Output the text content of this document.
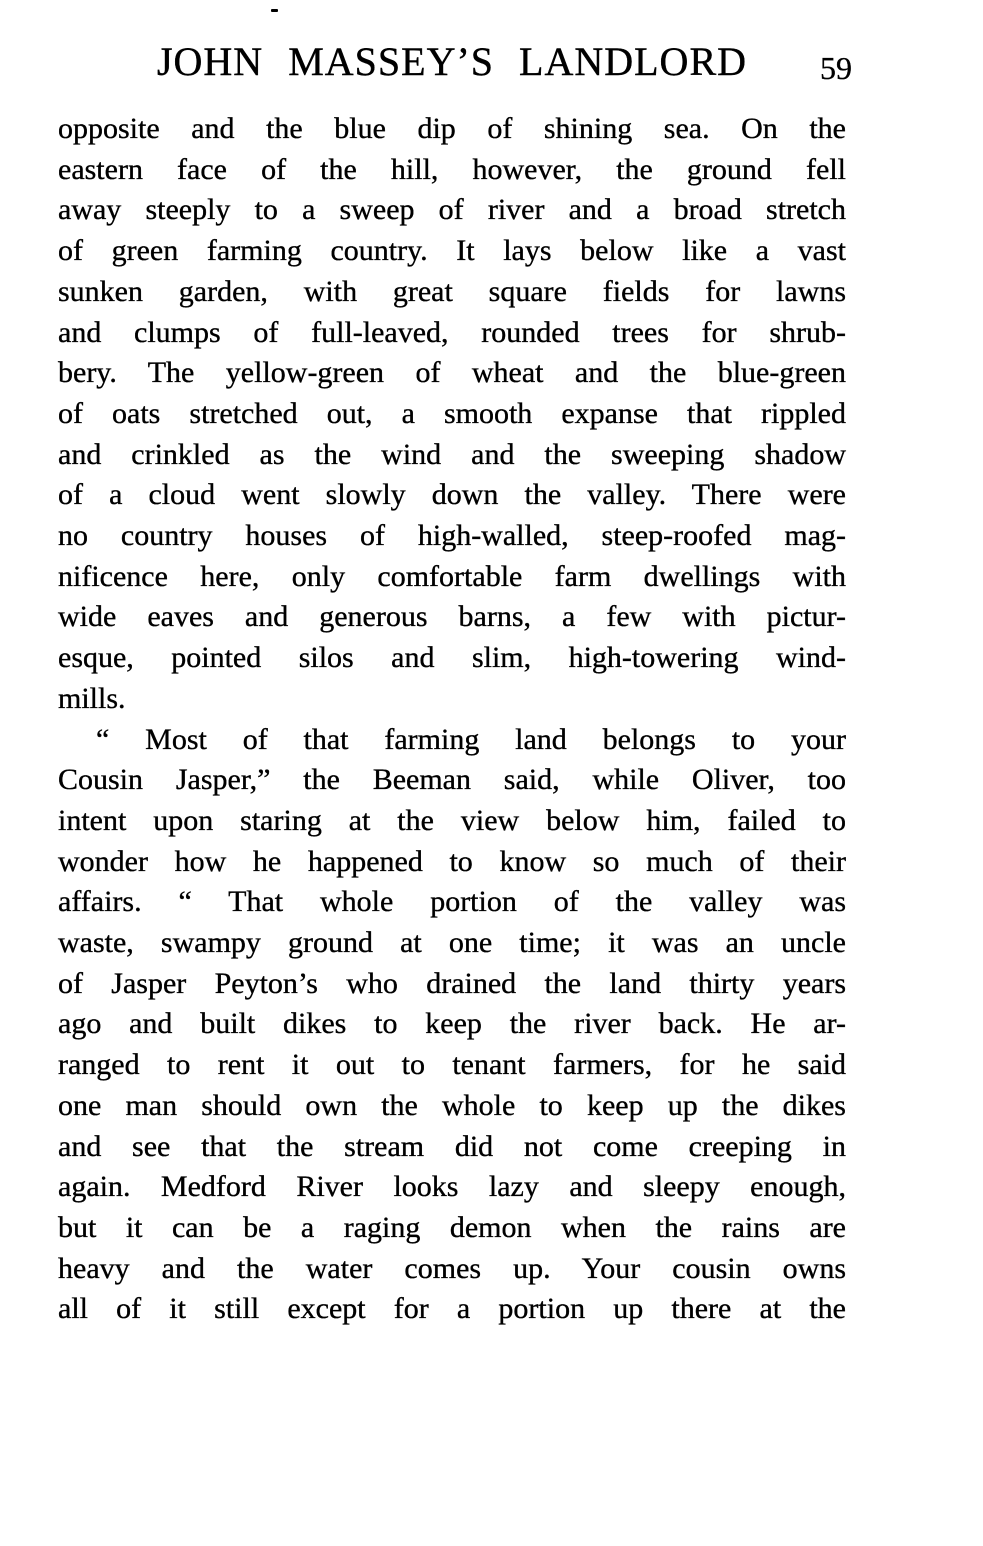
JOHN MASSEY’S LANDLORD 59
opposite and the blue dip of shining sea. On the
eastern face of the hill, however, the ground fell
away steeply to a sweep of river and a broad stretch
of green farming country. It lays below like a vast
sunken garden, with great square fields for lawns
and clumps of full-leaved, rounded trees for shrub-
bery. The yellow-green of wheat and the blue-green
of oats stretched out, a smooth expanse that rippled
and crinkled as the wind and the sweeping shadow
of a cloud went slowly down the valley. There were
no country houses of high-walled, steep-roofed mag-
nificence here, only comfortable farm dwellings with
wide eaves and generous barns, a few with pictur-
esque, pointed silos and slim, high-towering wind-
mills.
“ Most of that farming land belongs to your
Cousin Jasper,” the Beeman said, while Oliver, too
intent upon staring at the view below him, failed to
wonder how he happened to know so much of their
affairs. “ That whole portion of the valley was
waste, swampy ground at one time; it was an uncle
of Jasper Peyton’s who drained the land thirty years
ago and built dikes to keep the river back. He ar-
ranged to rent it out to tenant farmers, for he said
one man should own the whole to keep up the dikes
and see that the stream did not come creeping in
again. Medford River looks lazy and sleepy enough,
but it can be a raging demon when the rains are
heavy and the water comes up. Your cousin owns
all of it still except for a portion up there at the
